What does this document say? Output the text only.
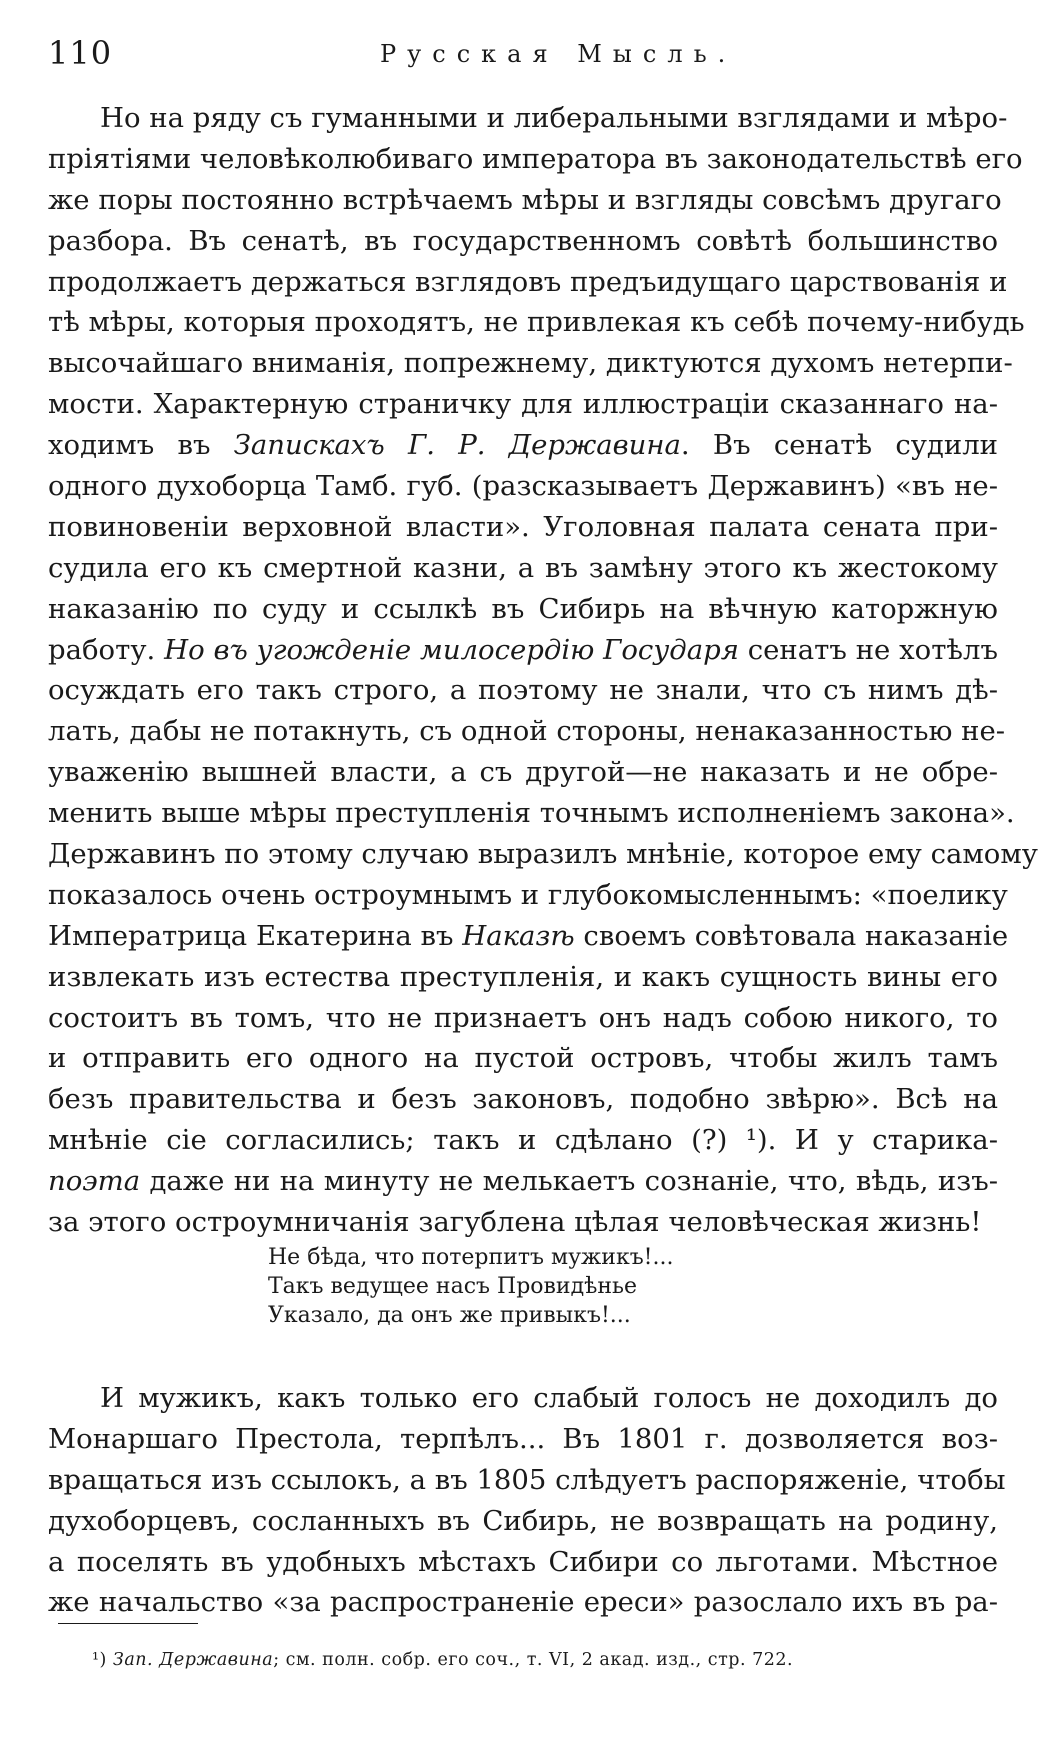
110	Русская Мысль.
Но на ряду съ гуманными и либеральными взглядами и мѣро-
пріятіями человѣколюбиваго императора въ законодательствѣ его
же поры постоянно встрѣчаемъ мѣры и взгляды совсѣмъ другаго
разбора. Въ сенатѣ, въ государственномъ совѣтѣ большинство
продолжаетъ держаться взглядовъ предъидущаго царствованія и
тѣ мѣры, которыя проходятъ, не привлекая къ себѣ почему-нибудь
высочайшаго вниманія, попрежнему, диктуются духомъ нетерпи-
мости. Характерную страничку для иллюстраціи сказаннаго на-
ходимъ въ Запискахъ Г. Р. Державина. Въ сенатѣ судили
одного духоборца Тамб. губ. (разсказываетъ Державинъ) «въ не-
повиновеніи верховной власти». Уголовная палата сената при-
судила его къ смертной казни, а въ замѣну этого къ жестокому
наказанію по суду и ссылкѣ въ Сибирь на вѣчную каторжную
работу. Но въ угожденіе милосердію Государя сенатъ не хотѣлъ
осуждать его такъ строго, а поэтому не знали, что съ нимъ дѣ-
лать, дабы не потакнуть, съ одной стороны, ненаказанностью не-
уваженію вышней власти, а съ другой—не наказать и не обре-
менить выше мѣры преступленія точнымъ исполненіемъ закона».
Державинъ по этому случаю выразилъ мнѣніе, которое ему самому
показалось очень остроумнымъ и глубокомысленнымъ: «поелику
Императрица Екатерина въ Наказѣ своемъ совѣтовала наказаніе
извлекать изъ естества преступленія, и какъ сущность вины его
состоитъ въ томъ, что не признаетъ онъ надъ собою никого, то
и отправить его одного на пустой островъ, чтобы жилъ тамъ
безъ правительства и безъ законовъ, подобно звѣрю». Всѣ на
мнѣніе сіе согласились; такъ и сдѣлано (?) ¹). И у старика-
поэта даже ни на минуту не мелькаетъ сознаніе, что, вѣдь, изъ-
за этого остроумничанія загублена цѣлая человѣческая жизнь!
Не бѣда, что потерпитъ мужикъ!...
Такъ ведущее насъ Провидѣнье
Указало, да онъ же привыкъ!...
И мужикъ, какъ только его слабый голосъ не доходилъ до
Монаршаго Престола, терпѣлъ... Въ 1801 г. дозволяется воз-
вращаться изъ ссылокъ, а въ 1805 слѣдуетъ распоряженіе, чтобы
духоборцевъ, сосланныхъ въ Сибирь, не возвращать на родину,
а поселять въ удобныхъ мѣстахъ Сибири со льготами. Мѣстное
же начальство «за распространеніе ереси» разослало ихъ въ ра-
¹) Зап. Державина; см. полн. собр. его соч., т. VI, 2 акад. изд., стр. 722.
